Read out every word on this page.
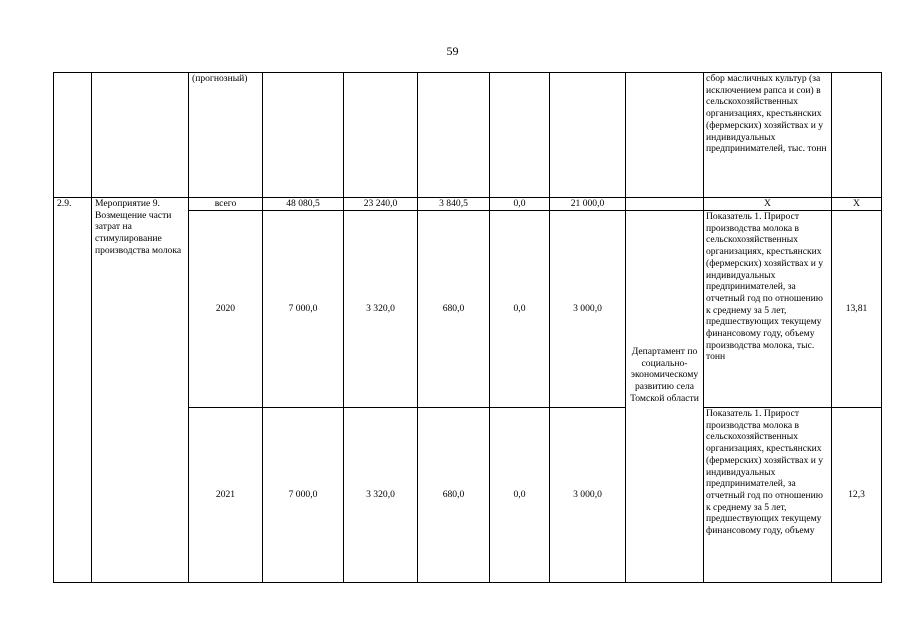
59
		(прогнозный)							сбор масличных культур (за исключением рапса и сои) в сельскохозяйственных организациях, крестьянских (фермерских) хозяйствах и у индивидуальных предпринимателей, тыс. тонн	
2.9.	Мероприятие 9. Возмещение части затрат на стимулирование производства молока	всего	48 080,5	23 240,0	3 840,5	0,0	21 000,0		Х	Х
		2020	7 000,0	3 320,0	680,0	0,0	3 000,0	Департамент по социально-экономическому развитию села Томской области	Показатель 1. Прирост производства молока в сельскохозяйственных организациях, крестьянских (фермерских) хозяйствах и у индивидуальных предпринимателей, за отчетный год по отношению к среднему за 5 лет, предшествующих текущему финансовому году, объему производства молока, тыс. тонн	13,81
		2021	7 000,0	3 320,0	680,0	0,0	3 000,0		Показатель 1. Прирост производства молока в сельскохозяйственных организациях, крестьянских (фермерских) хозяйствах и у индивидуальных предпринимателей, за отчетный год по отношению к среднему за 5 лет, предшествующих текущему финансовому году, объему	12,3
